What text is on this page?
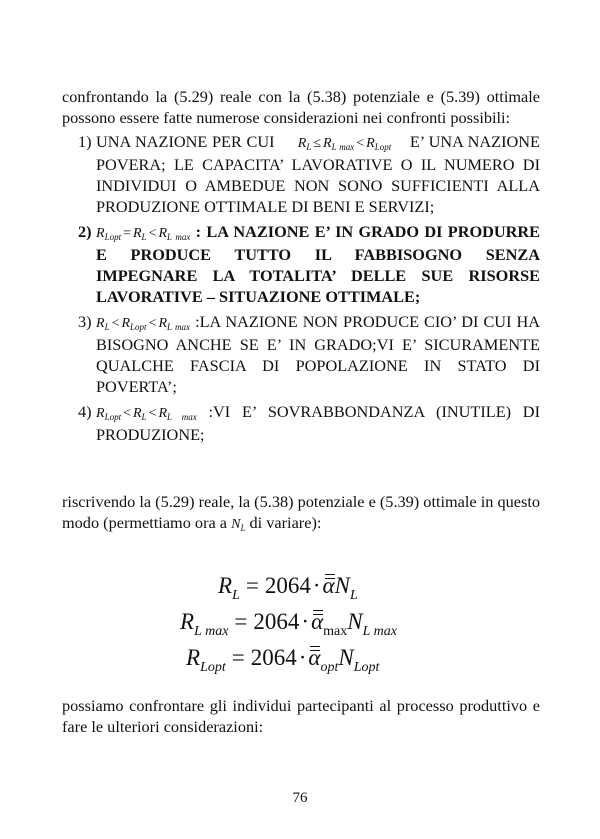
confrontando la (5.29) reale con la (5.38) potenziale e (5.39) ottimale possono essere fatte numerose considerazioni nei confronti possibili:

1) UNA NAZIONE PER CUI $R_L \le R_{L max} < R_{Lopt}$ E’ UNA NAZIONE POVERA; LE CAPACITA’ LAVORATIVE O IL NUMERO DI INDIVIDUI O AMBEDUE NON SONO SUFFICIENTI ALLA PRODUZIONE OTTIMALE DI BENI E SERVIZI;
2) $R_{Lopt} = R_L < R_{L max}$ : LA NAZIONE E’ IN GRADO DI PRODURRE E PRODUCE TUTTO IL FABBISOGNO SENZA IMPEGNARE LA TOTALITA’ DELLE SUE RISORSE LAVORATIVE – SITUAZIONE OTTIMALE;
3) $R_L < R_{Lopt} < R_{L max}$ :LA NAZIONE NON PRODUCE CIO’ DI CUI HA BISOGNO ANCHE SE E’ IN GRADO;VI E’ SICURAMENTE QUALCHE FASCIA DI POPOLAZIONE IN STATO DI POVERTA’;
4) $R_{Lopt} < R_L < R_{L max}$ :VI E’ SOVRABBONDANZA (INUTILE) DI PRODUZIONE;

riscrivendo la (5.29) reale, la (5.38) potenziale e (5.39) ottimale in questo modo (permettiamo ora a $N_L$ di variare):

$R_L = 2064\cdot\alpha N_L$
$R_{L max} = 2064\cdot\alpha_{max}N_{L max}$
$R_{Lopt} = 2064\cdot\alpha_{opt}N_{Lopt}$

possiamo confrontare gli individui partecipanti al processo produttivo e fare le ulteriori considerazioni:

76
